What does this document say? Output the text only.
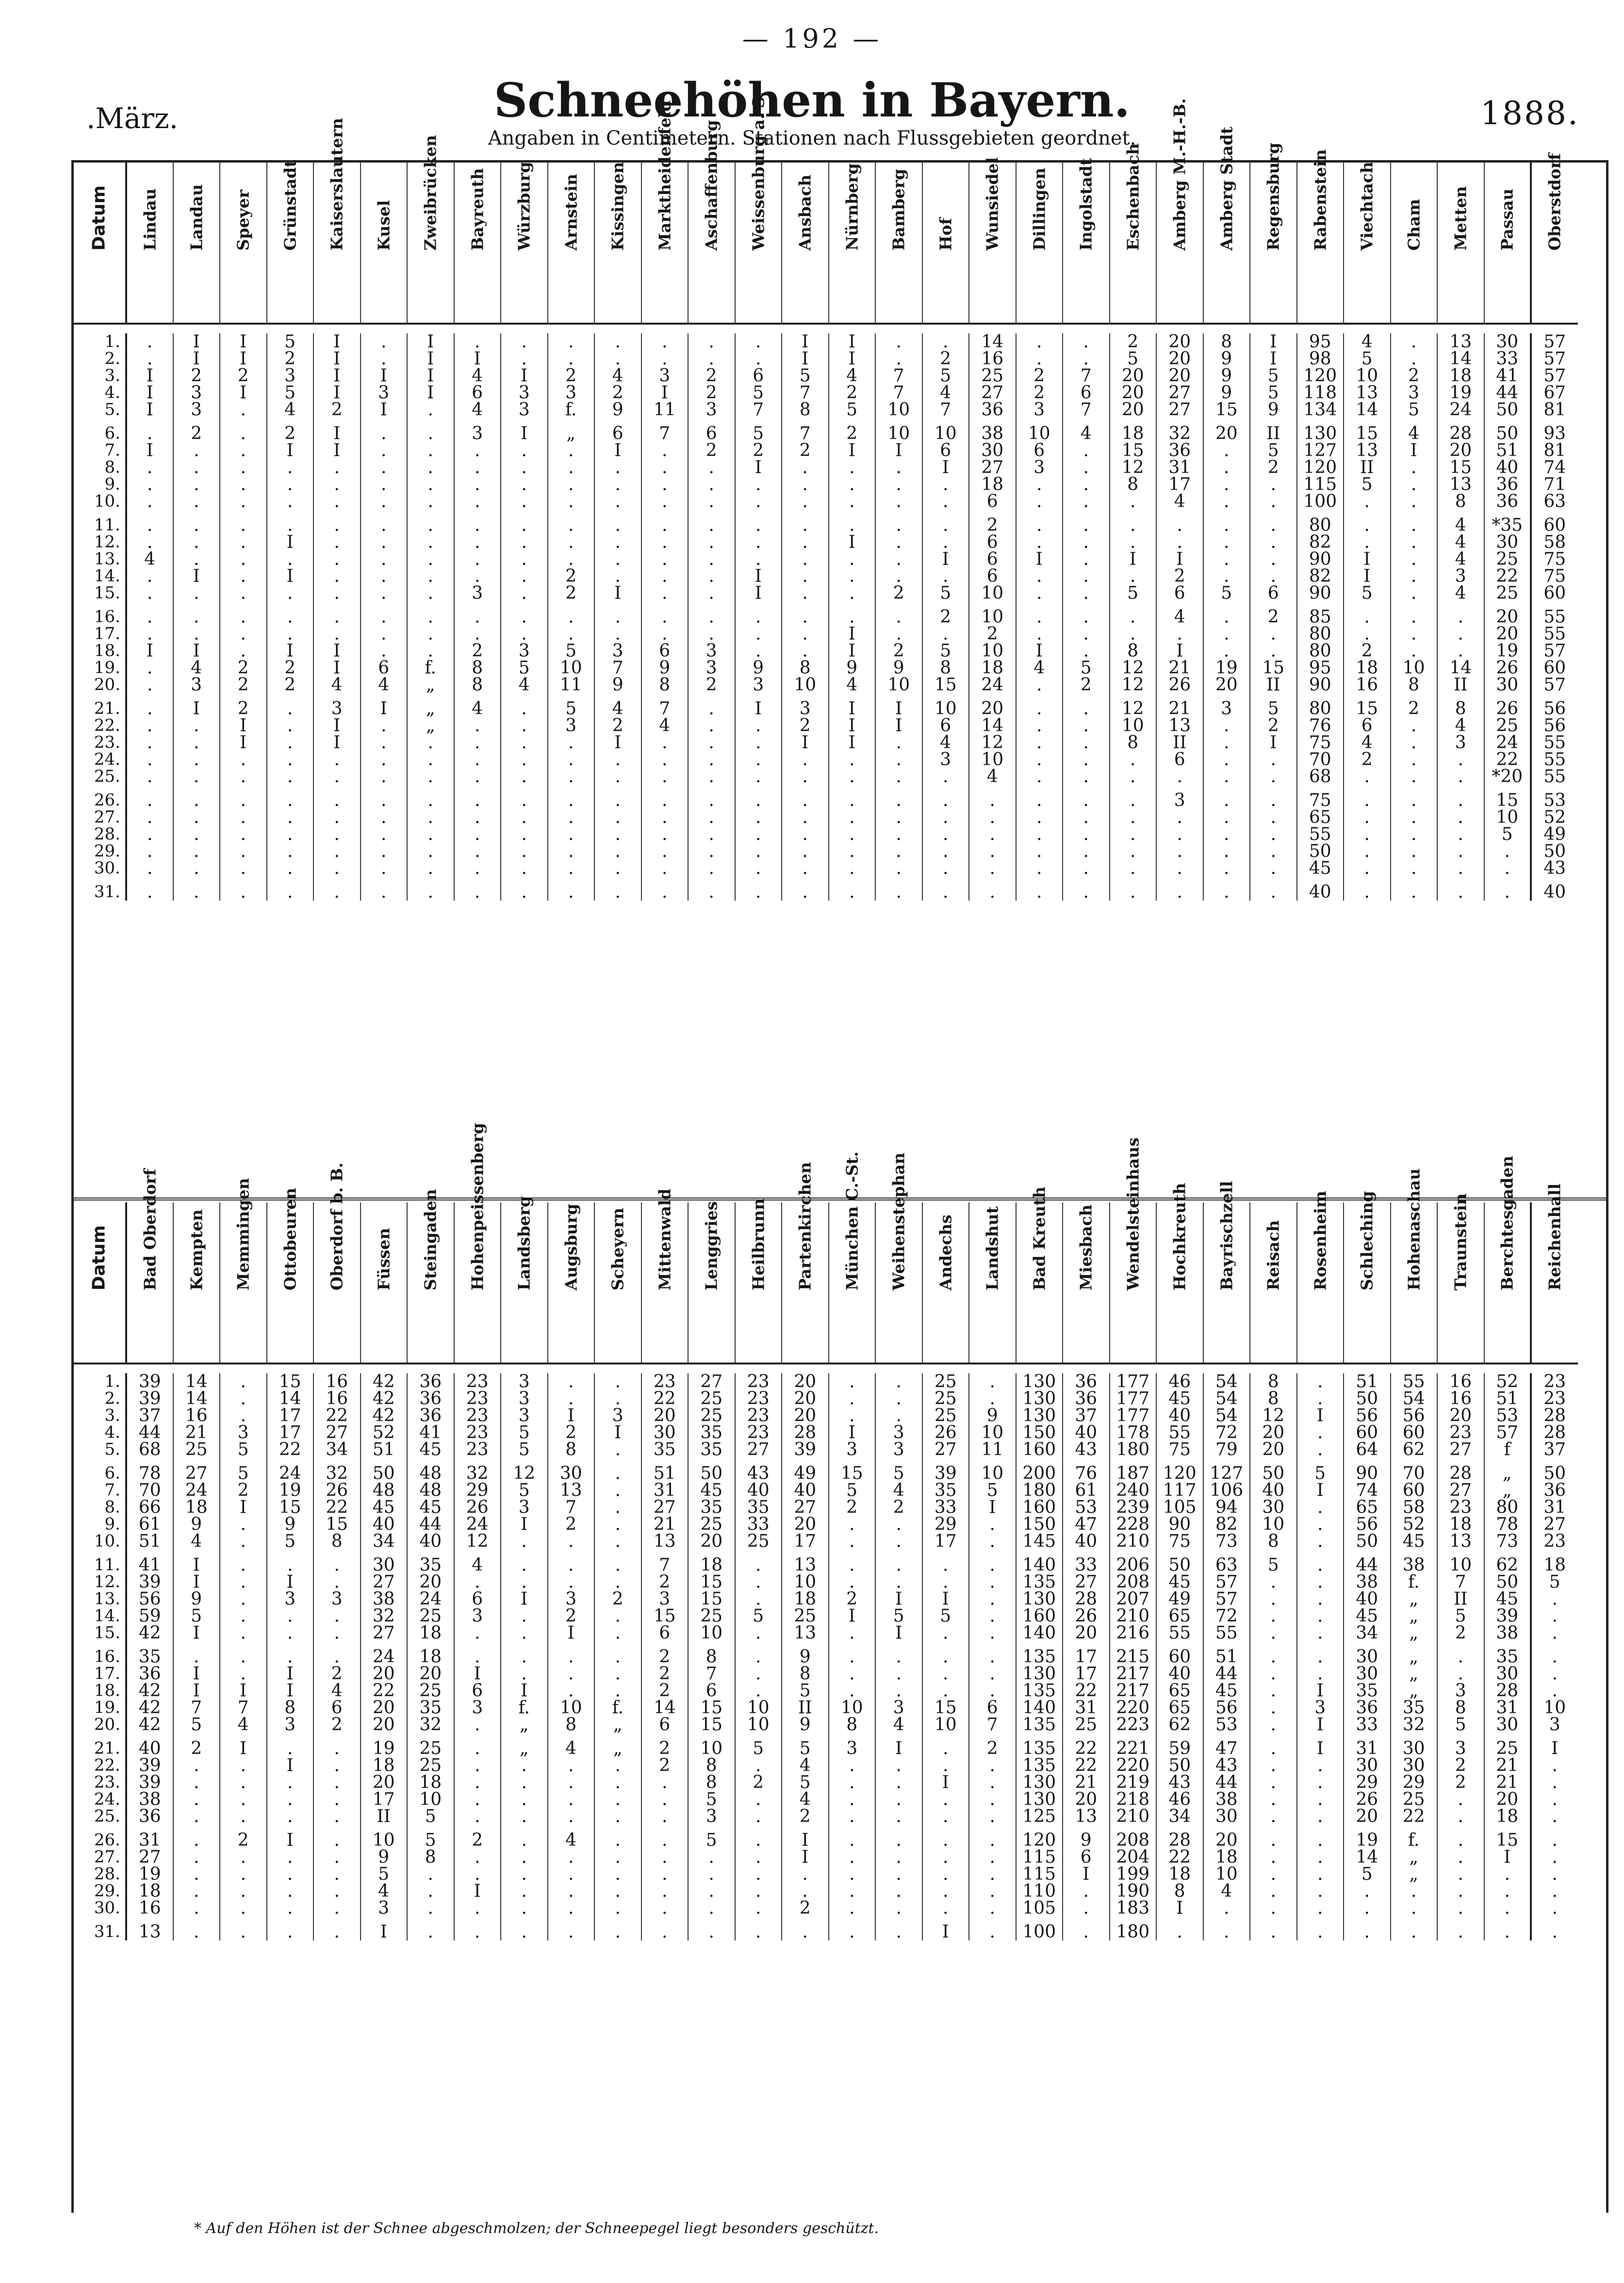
— 192 —
.März.	Schneehöhen in Bayern.	1888.
Angaben in Centimetern. Stationen nach Flussgebieten geordnet.
Datum	Lindau	Landau	Speyer	Grünstadt	Kaiserslautern	Kusel	Zweibrücken	Bayreuth	Würzburg	Arnstein	Kissingen	Marktheidenfeld	Aschaffenburg	Weissenburg a. S.	Ansbach	Nürnberg	Bamberg	Hof	Wunsiedel	Dillingen	Ingolstadt	Eschenbach	Amberg M.-H.-B.	Amberg Stadt	Regensburg	Rabenstein	Viechtach	Cham	Metten	Passau	Oberstdorf

1.	.	I	I	5	I	.	I	.	.	.	.	.	.	.	I	I	.	.	14	.	.	2	20	8	I	95	4	.	13	30	57
2.	.	I	I	2	I	.	I	I	.	.	.	.	.	.	I	I	.	2	16	.	.	5	20	9	I	98	5	.	14	33	57
3.	I	2	2	3	I	I	I	4	I	2	4	3	2	6	5	4	7	5	25	2	7	20	20	9	5	120	10	2	18	41	57
4.	I	3	I	5	I	3	I	6	3	3	2	I	2	5	7	2	7	4	27	2	6	20	27	9	5	118	13	3	19	44	67
5.	I	3	.	4	2	I	.	4	3	f.	9	11	3	7	8	5	10	7	36	3	7	20	27	15	9	134	14	5	24	50	81
6.	.	2	.	2	I	.	.	3	I	„	6	7	6	5	7	2	10	10	38	10	4	18	32	20	II	130	15	4	28	50	93
7.	I	.	.	I	I	.	.	.	.	.	I	.	2	2	2	I	I	6	30	6	.	15	36	.	5	127	13	I	20	51	81
8.	.	.	.	.	.	.	.	.	.	.	.	.	.	I	.	.	.	I	27	3	.	12	31	.	2	120	II	.	15	40	74
9.	.	.	.	.	.	.	.	.	.	.	.	.	.	.	.	.	.	.	18	.	.	8	17	.	.	115	5	.	13	36	71
10.	.	.	.	.	.	.	.	.	.	.	.	.	.	.	.	.	.	.	6	.	.	.	4	.	.	100	.	.	8	36	63
11.	.	.	.	.	.	.	.	.	.	.	.	.	.	.	.	.	.	.	2	.	.	.	.	.	.	80	.	.	4	*35	60
12.	.	.	.	I	.	.	.	.	.	.	.	.	.	.	.	I	.	.	6	.	.	.	.	.	.	82	.	.	4	30	58
13.	4	.	.	.	.	.	.	.	.	.	.	.	.	.	.	.	.	I	6	I	.	I	I	.	.	90	I	.	4	25	75
14.	.	I	.	I	.	.	.	.	.	2	.	.	.	I	.	.	.	.	6	.	.	.	2	.	.	82	I	.	3	22	75
15.	.	.	.	.	.	.	.	3	.	2	I	.	.	I	.	.	2	5	10	.	.	5	6	5	6	90	5	.	4	25	60
16.	.	.	.	.	.	.	.	.	.	.	.	.	.	.	.	.	.	2	10	.	.	.	4	.	2	85	.	.	.	20	55
17.	.	.	.	.	.	.	.	.	.	.	.	.	.	.	.	I	.	.	2	.	.	.	.	.	.	80	.	.	.	20	55
18.	I	I	.	I	I	.	.	2	3	5	3	6	3	.	.	I	2	5	10	I	.	8	I	.	.	80	2	.	.	19	57
19.	.	4	2	2	I	6	f.	8	5	10	7	9	3	9	8	9	9	8	18	4	5	12	21	19	15	95	18	10	14	26	60
20.	.	3	2	2	4	4	„	8	4	11	9	8	2	3	10	4	10	15	24	.	2	12	26	20	II	90	16	8	II	30	57
21.	.	I	2	.	3	I	„	4	.	5	4	7	.	I	3	I	I	10	20	.	.	12	21	3	5	80	15	2	8	26	56
22.	.	.	I	.	I	.	„	.	.	3	2	4	.	.	2	I	I	6	14	.	.	10	13	.	2	76	6	.	4	25	56
23.	.	.	I	.	I	.	.	.	.	.	I	.	.	.	I	I	.	4	12	.	.	8	II	.	I	75	4	.	3	24	55
24.	.	.	.	.	.	.	.	.	.	.	.	.	.	.	.	.	.	3	10	.	.	.	6	.	.	70	2	.	.	22	55
25.	.	.	.	.	.	.	.	.	.	.	.	.	.	.	.	.	.	.	4	.	.	.	.	.	.	68	.	.	.	*20	55
26.	.	.	.	.	.	.	.	.	.	.	.	.	.	.	.	.	.	.	.	.	.	.	3	.	.	75	.	.	.	15	53
27.	.	.	.	.	.	.	.	.	.	.	.	.	.	.	.	.	.	.	.	.	.	.	.	.	.	65	.	.	.	10	52
28.	.	.	.	.	.	.	.	.	.	.	.	.	.	.	.	.	.	.	.	.	.	.	.	.	.	55	.	.	.	5	49
29.	.	.	.	.	.	.	.	.	.	.	.	.	.	.	.	.	.	.	.	.	.	.	.	.	.	50	.	.	.	.	50
30.	.	.	.	.	.	.	.	.	.	.	.	.	.	.	.	.	.	.	.	.	.	.	.	.	.	45	.	.	.	.	43
31.	.	.	.	.	.	.	.	.	.	.	.	.	.	.	.	.	.	.	.	.	.	.	.	.	.	40	.	.	.	.	40
Datum	Bad Oberdorf	Kempten	Memmingen	Ottobeuren	Oberdorf b. B.	Füssen	Steingaden	Hohenpeissenberg	Landsberg	Augsburg	Scheyern	Mittenwald	Lenggries	Heilbrunn	Partenkirchen	München C.-St.	Weihenstephan	Andechs	Landshut	Bad Kreuth	Miesbach	Wendelsteinhaus	Hochkreuth	Bayrischzell	Reisach	Rosenheim	Schleching	Hohenaschau	Traunstein	Berchtesgaden	Reichenhall

1.	39	14	.	15	16	42	36	23	3	.	.	23	27	23	20	.	.	25	.	130	36	177	46	54	8	.	51	55	16	52	23
2.	39	14	.	14	16	42	36	23	3	.	.	22	25	23	20	.	.	25	.	130	36	177	45	54	8	.	50	54	16	51	23
3.	37	16	.	17	22	42	36	23	3	I	3	20	25	23	20	.	.	25	9	130	37	177	40	54	12	I	56	56	20	53	28
4.	44	21	3	17	27	52	41	23	5	2	I	30	35	23	28	I	3	26	10	150	40	178	55	72	20	.	60	60	23	57	28
5.	68	25	5	22	34	51	45	23	5	8	.	35	35	27	39	3	3	27	11	160	43	180	75	79	20	.	64	62	27	f	37
6.	78	27	5	24	32	50	48	32	12	30	.	51	50	43	49	15	5	39	10	200	76	187	120	127	50	5	90	70	28	„	50
7.	70	24	2	19	26	48	48	29	5	13	.	31	45	40	40	5	4	35	5	180	61	240	117	106	40	I	74	60	27	„	36
8.	66	18	I	15	22	45	45	26	3	7	.	27	35	35	27	2	2	33	I	160	53	239	105	94	30	.	65	58	23	80	31
9.	61	9	.	9	15	40	44	24	I	2	.	21	25	33	20	.	.	29	.	150	47	228	90	82	10	.	56	52	18	78	27
10.	51	4	.	5	8	34	40	12	.	.	.	13	20	25	17	.	.	17	.	145	40	210	75	73	8	.	50	45	13	73	23
11.	41	I	.	.	.	30	35	4	.	.	.	7	18	.	13	.	.	.	.	140	33	206	50	63	5	.	44	38	10	62	18
12.	39	I	.	I	.	27	20	.	.	.	.	2	15	.	10	.	.	.	.	135	27	208	45	57	.	.	38	f.	7	50	5
13.	56	9	.	3	3	38	24	6	I	3	2	3	15	.	18	2	I	I	.	130	28	207	49	57	.	.	40	„	II	45	.
14.	59	5	.	.	.	32	25	3	.	2	.	15	25	5	25	I	5	5	.	160	26	210	65	72	.	.	45	„	5	39	.
15.	42	I	.	.	.	27	18	.	.	I	.	6	10	.	13	.	I	.	.	140	20	216	55	55	.	.	34	„	2	38	.
16.	35	.	.	.	.	24	18	.	.	.	.	2	8	.	9	.	.	.	.	135	17	215	60	51	.	.	30	„	.	35	.
17.	36	I	.	I	2	20	20	I	.	.	.	2	7	.	8	.	.	.	.	130	17	217	40	44	.	.	30	„	.	30	.
18.	42	I	I	I	4	22	25	6	I	.	.	2	6	.	5	.	.	.	.	135	22	217	65	45	.	I	35	„	3	28	.
19.	42	7	7	8	6	20	35	3	f.	10	f.	14	15	10	II	10	3	15	6	140	31	220	65	56	.	3	36	35	8	31	10
20.	42	5	4	3	2	20	32	.	„	8	„	6	15	10	9	8	4	10	7	135	25	223	62	53	.	I	33	32	5	30	3
21.	40	2	I	.	.	19	25	.	„	4	„	2	10	5	5	3	I	.	2	135	22	221	59	47	.	I	31	30	3	25	I
22.	39	.	.	I	.	18	25	.	.	.	.	2	8	.	4	.	.	.	.	135	22	220	50	43	.	.	30	30	2	21	.
23.	39	.	.	.	.	20	18	.	.	.	.	.	8	2	5	.	.	I	.	130	21	219	43	44	.	.	29	29	2	21	.
24.	38	.	.	.	.	17	10	.	.	.	.	.	5	.	4	.	.	.	.	130	20	218	46	38	.	.	26	25	.	20	.
25.	36	.	.	.	.	II	5	.	.	.	.	.	3	.	2	.	.	.	.	125	13	210	34	30	.	.	20	22	.	18	.
26.	31	.	2	I	.	10	5	2	.	4	.	.	5	.	I	.	.	.	.	120	9	208	28	20	.	.	19	f.	.	15	.
27.	27	.	.	.	.	9	8	.	.	.	.	.	.	.	I	.	.	.	.	115	6	204	22	18	.	.	14	„	.	I	.
28.	19	.	.	.	.	5	.	.	.	.	.	.	.	.	.	.	.	.	.	115	I	199	18	10	.	.	5	„	.	.	.
29.	18	.	.	.	.	4	.	I	.	.	.	.	.	.	.	.	.	.	.	110	.	190	8	4	.	.	.	.	.	.	.
30.	16	.	.	.	.	3	.	.	.	.	.	.	.	.	2	.	.	.	.	105	.	183	I	.	.	.	.	.	.	.	.
31.	13	.	.	.	.	I	.	.	.	.	.	.	.	.	.	.	.	I	.	100	.	180	.	.	.	.	.	.	.	.	.
* Auf den Höhen ist der Schnee abgeschmolzen; der Schneepegel liegt besonders geschützt.
